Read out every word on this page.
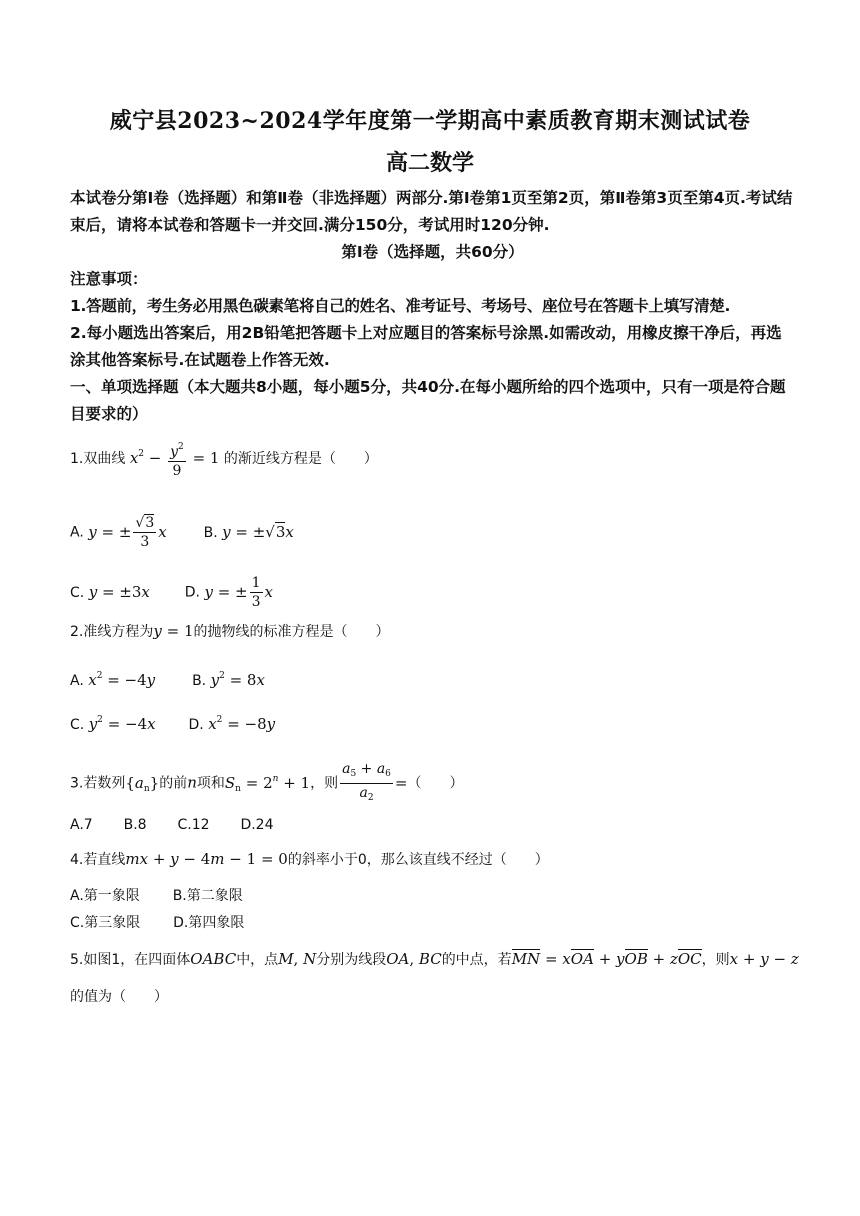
威宁县2023~2024学年度第一学期高中素质教育期末测试试卷
高二数学

本试卷分第Ⅰ卷（选择题）和第Ⅱ卷（非选择题）两部分.第Ⅰ卷第1页至第2页，第Ⅱ卷第3页至第4页.考试结束后，请将本试卷和答题卡一并交回.满分150分，考试用时120分钟.

第Ⅰ卷（选择题，共60分）

注意事项：

1.答题前，考生务必用黑色碳素笔将自己的姓名、准考证号、考场号、座位号在答题卡上填写清楚.

2.每小题选出答案后，用2B铅笔把答题卡上对应题目的答案标号涂黑.如需改动，用橡皮擦干净后，再选涂其他答案标号.在试题卷上作答无效.

一、单项选择题（本大题共8小题，每小题5分，共40分.在每小题所给的四个选项中，只有一项是符合题目要求的）

1.双曲线 $x^2 - \frac{y^2}{9} = 1$ 的渐近线方程是（　　）
A. y = ± $\frac{√3}{3}$ x	B. y = ±√3x
C. y = ±3x D. y = ± $\frac{1}{3}$ x
2.准线方程为y = 1的抛物线的标准方程是（　　）
A. $x^2 = -4y$	B. $y^2 = 8x$
C. $y^2 = -4x$ D. $x^2 = -8y$
3.若数列$\{a_n\}$的前n项和$S_n = 2^n + 1$，则 $\frac{a_5 + a_6}{a_2}$ =（　　）
A.7 B.8 C.12 D.24
4.若直线mx + y − 4m − 1 = 0的斜率小于0，那么该直线不经过（　　）
A.第一象限 B.第二象限
C.第三象限 D.第四象限
5.如图1，在四面体OABC中，点M, N分别为线段OA, BC的中点，若MN = xOA + yOB + zOC，则x + y − z
的值为（　　）
